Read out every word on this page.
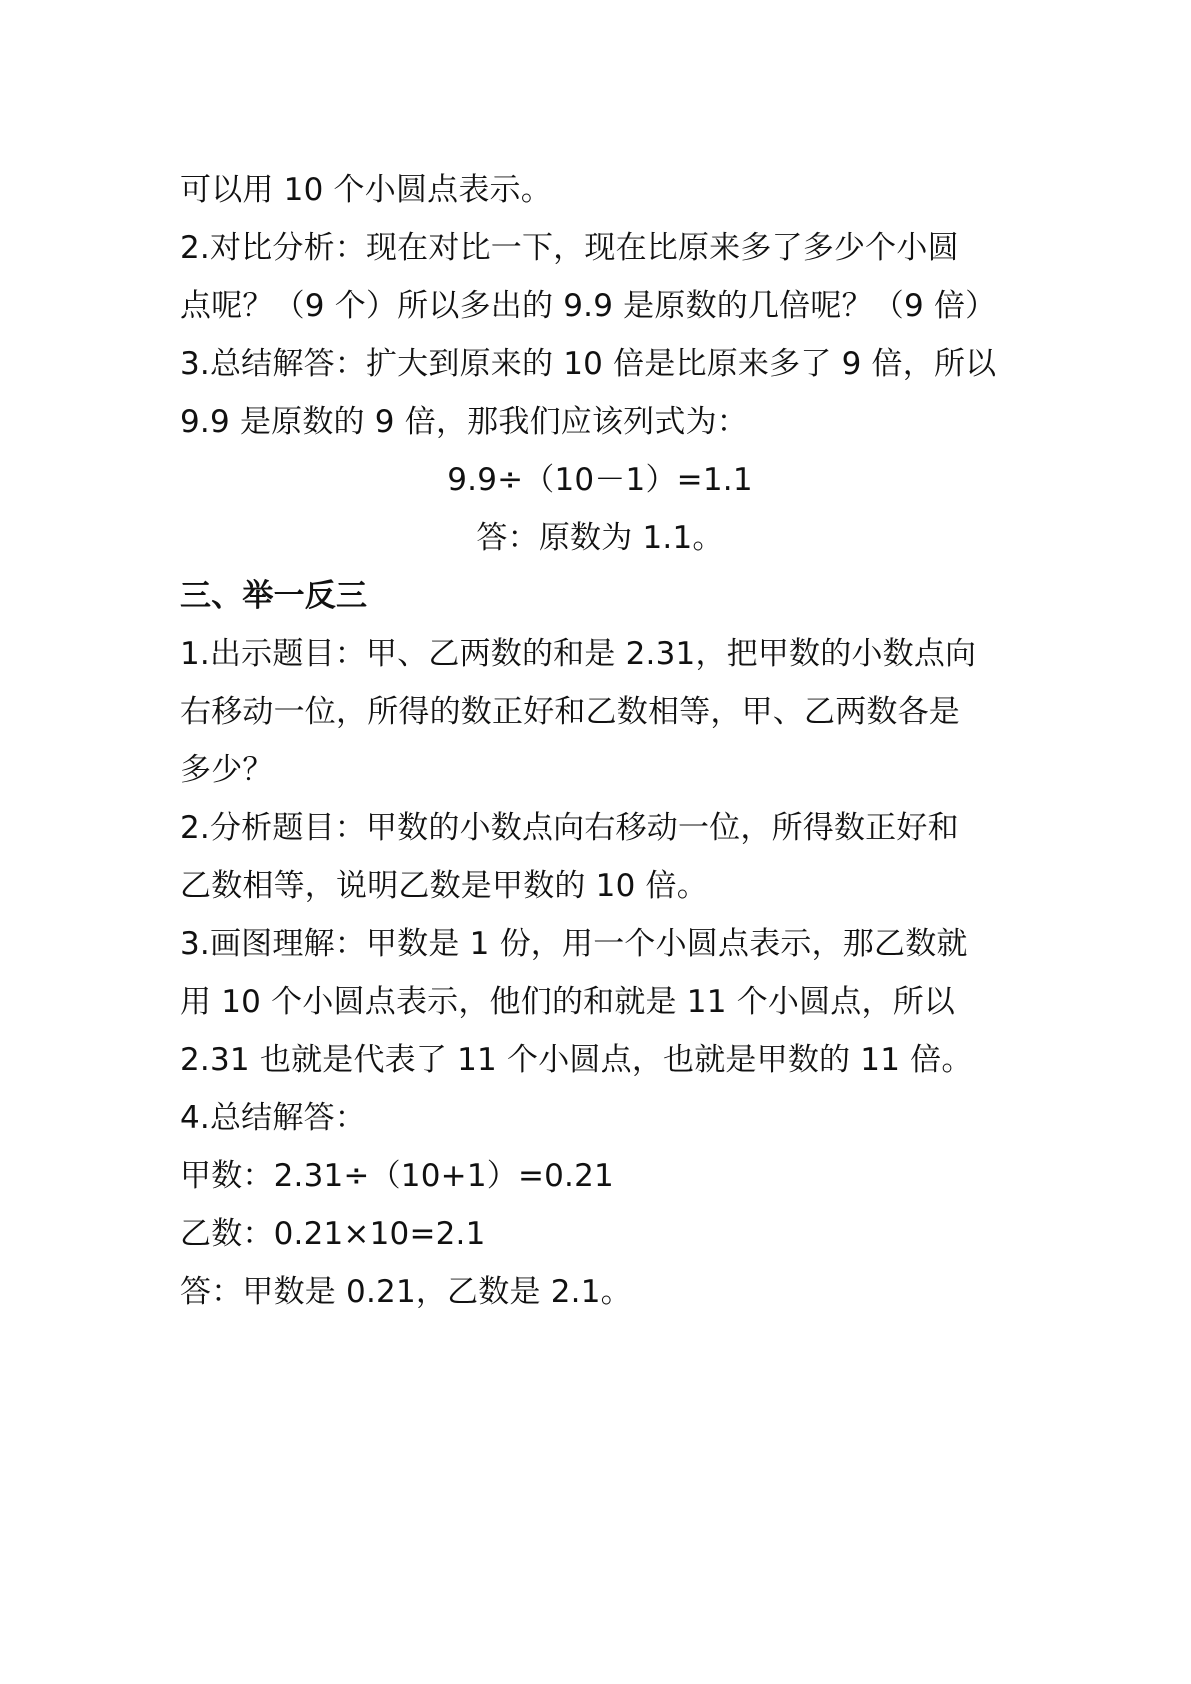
可以用 10 个小圆点表示。
2.对比分析：现在对比一下，现在比原来多了多少个小圆
点呢？（9 个）所以多出的 9.9 是原数的几倍呢？（9 倍）
3.总结解答：扩大到原来的 10 倍是比原来多了 9 倍，所以
9.9 是原数的 9 倍，那我们应该列式为：
9.9÷（10－1）=1.1
答：原数为 1.1。
三、举一反三
1.出示题目：甲、乙两数的和是 2.31，把甲数的小数点向
右移动一位，所得的数正好和乙数相等，甲、乙两数各是
多少？
2.分析题目：甲数的小数点向右移动一位，所得数正好和
乙数相等，说明乙数是甲数的 10 倍。
3.画图理解：甲数是 1 份，用一个小圆点表示，那乙数就
用 10 个小圆点表示，他们的和就是 11 个小圆点，所以
2.31 也就是代表了 11 个小圆点，也就是甲数的 11 倍。
4.总结解答：
甲数：2.31÷（10+1）=0.21
乙数：0.21×10=2.1
答：甲数是 0.21，乙数是 2.1。
